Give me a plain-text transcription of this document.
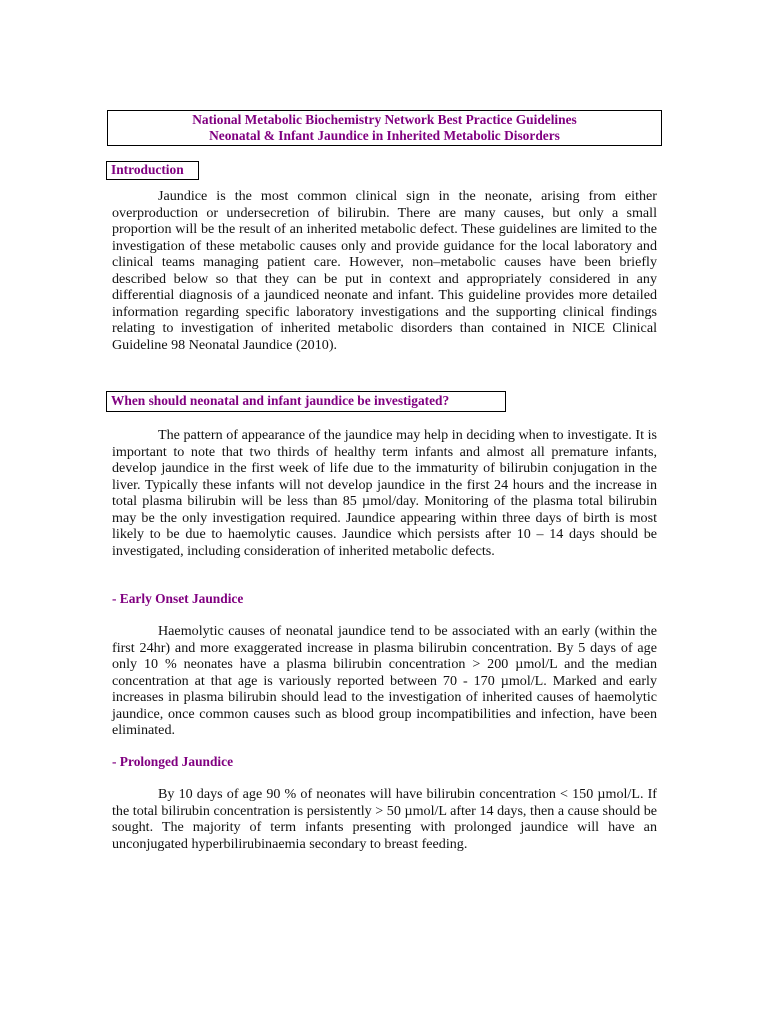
National Metabolic Biochemistry Network Best Practice Guidelines
Neonatal & Infant Jaundice in Inherited Metabolic Disorders
Introduction

Jaundice is the most common clinical sign in the neonate, arising from either overproduction or undersecretion of bilirubin. There are many causes, but only a small proportion will be the result of an inherited metabolic defect. These guidelines are limited to the investigation of these metabolic causes only and provide guidance for the local laboratory and clinical teams managing patient care. However, non–metabolic causes have been briefly described below so that they can be put in context and appropriately considered in any differential diagnosis of a jaundiced neonate and infant. This guideline provides more detailed information regarding specific laboratory investigations and the supporting clinical findings relating to investigation of inherited metabolic disorders than contained in NICE Clinical Guideline 98 Neonatal Jaundice (2010).

When should neonatal and infant jaundice be investigated?

The pattern of appearance of the jaundice may help in deciding when to investigate. It is important to note that two thirds of healthy term infants and almost all premature infants, develop jaundice in the first week of life due to the immaturity of bilirubin conjugation in the liver. Typically these infants will not develop jaundice in the first 24 hours and the increase in total plasma bilirubin will be less than 85 µmol/day. Monitoring of the plasma total bilirubin may be the only investigation required. Jaundice appearing within three days of birth is most likely to be due to haemolytic causes. Jaundice which persists after 10 – 14 days should be investigated, including consideration of inherited metabolic defects.

- Early Onset Jaundice

Haemolytic causes of neonatal jaundice tend to be associated with an early (within the first 24hr) and more exaggerated increase in plasma bilirubin concentration. By 5 days of age only 10 % neonates have a plasma bilirubin concentration > 200 µmol/L and the median concentration at that age is variously reported between 70 - 170 µmol/L. Marked and early increases in plasma bilirubin should lead to the investigation of inherited causes of haemolytic jaundice, once common causes such as blood group incompatibilities and infection, have been eliminated.

- Prolonged Jaundice

By 10 days of age 90 % of neonates will have bilirubin concentration < 150 µmol/L. If the total bilirubin concentration is persistently > 50 µmol/L after 14 days, then a cause should be sought. The majority of term infants presenting with prolonged jaundice will have an unconjugated hyperbilirubinaemia secondary to breast feeding.
